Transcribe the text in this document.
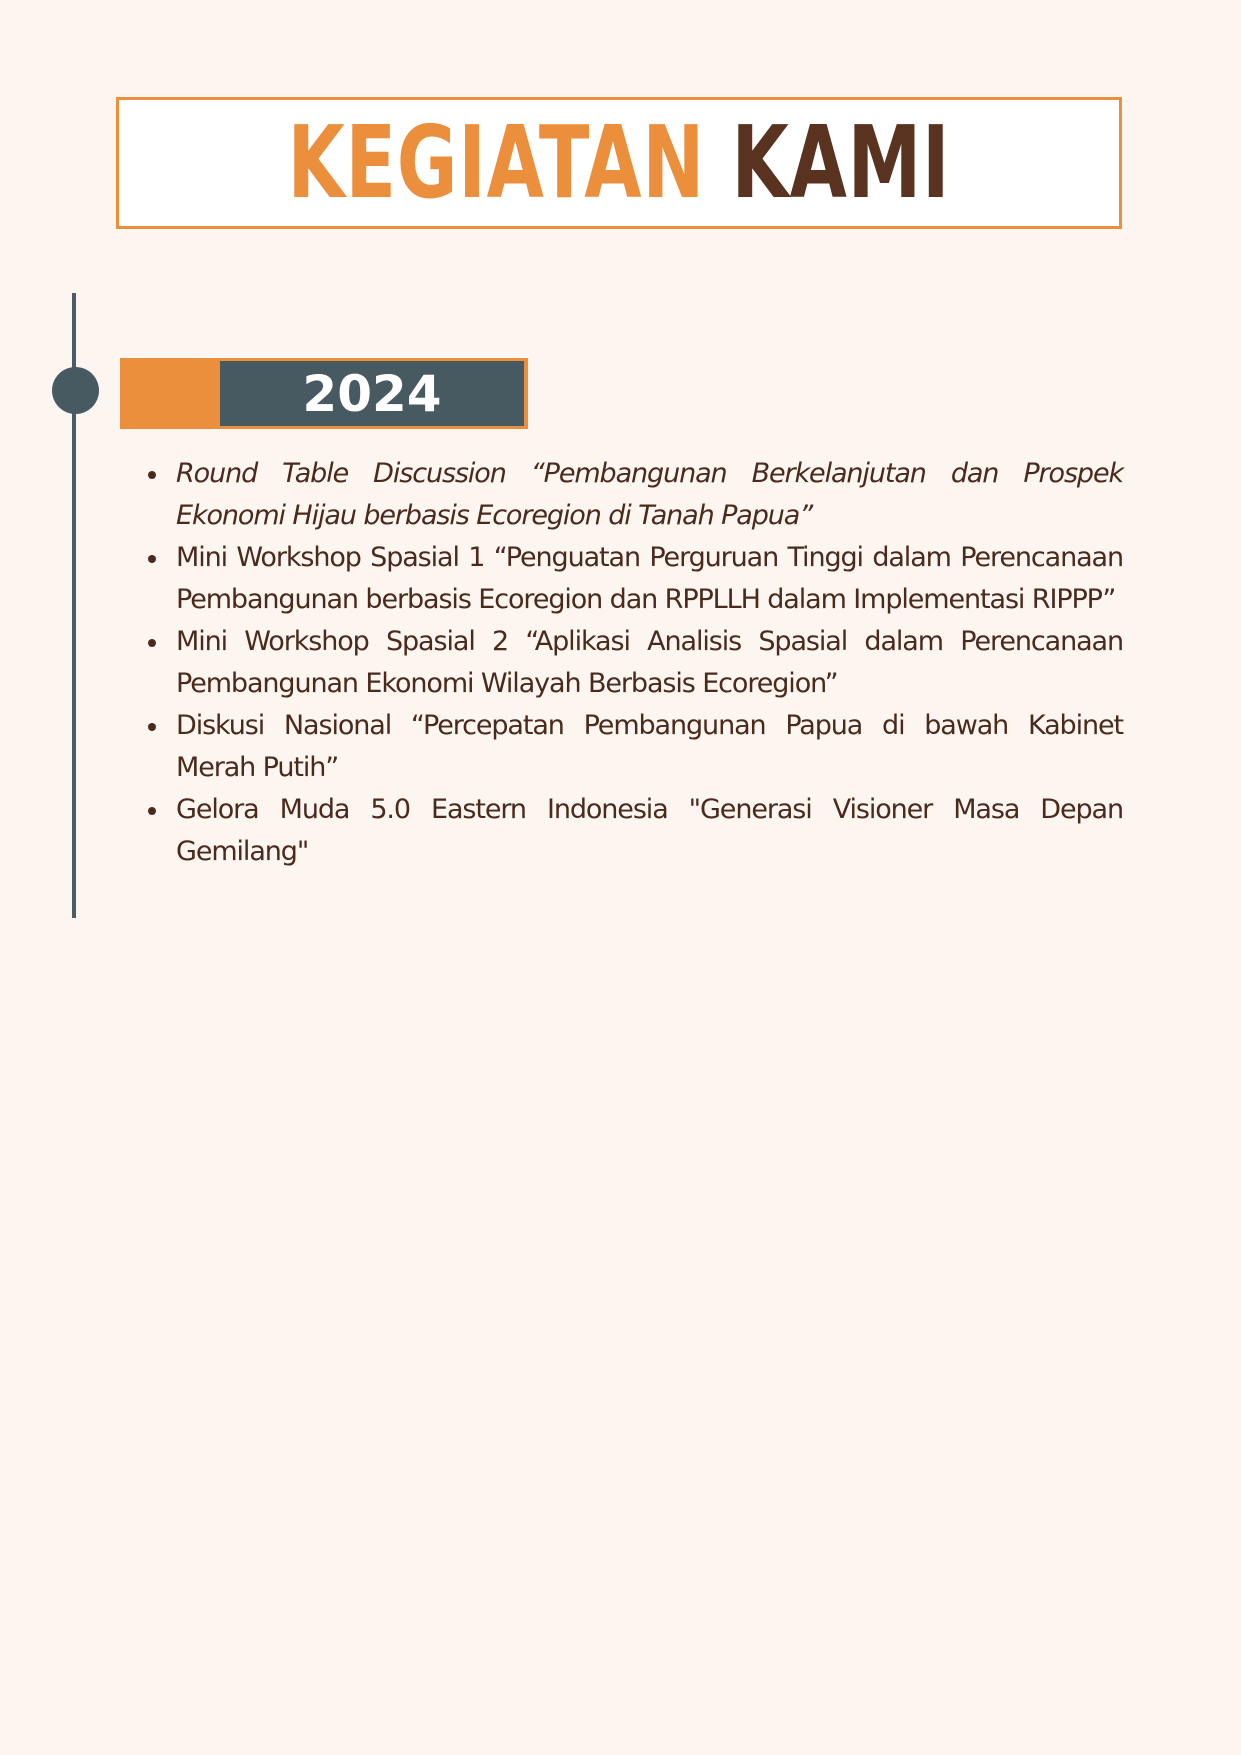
KEGIATAN KAMI
2024
Round Table Discussion “Pembangunan Berkelanjutan dan Prospek Ekonomi Hijau berbasis Ecoregion di Tanah Papua”
Mini Workshop Spasial 1 “Penguatan Perguruan Tinggi dalam Perencanaan Pembangunan berbasis Ecoregion dan RPPLLH dalam Implementasi RIPPP”
Mini Workshop Spasial 2 “Aplikasi Analisis Spasial dalam Perencanaan Pembangunan Ekonomi Wilayah Berbasis Ecoregion”
Diskusi Nasional “Percepatan Pembangunan Papua di bawah Kabinet Merah Putih”
Gelora Muda 5.0 Eastern Indonesia "Generasi Visioner Masa Depan Gemilang"
